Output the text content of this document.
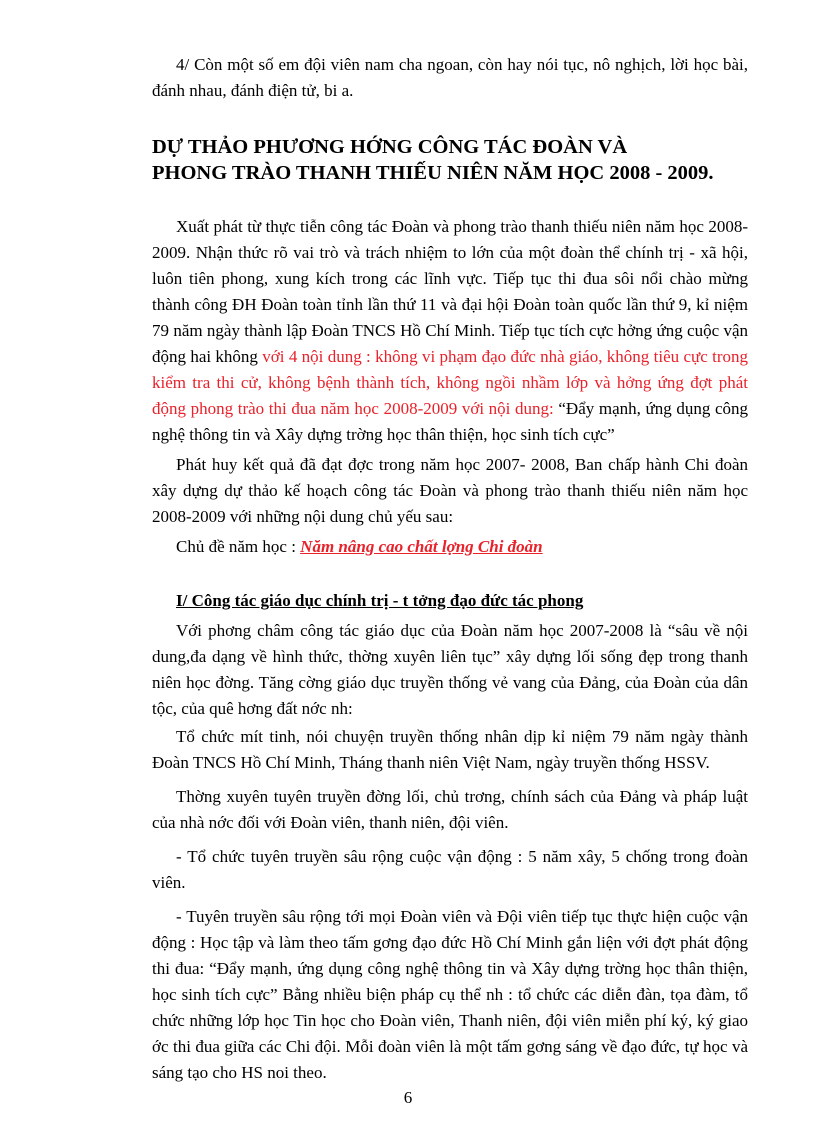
4/ Còn một số em đội viên nam cha ngoan, còn hay nói tục, nô nghịch, lời học bài, đánh nhau, đánh điện tử, bi a.

DỰ THẢO PHƯƠNG HỚNG CÔNG TÁC ĐOÀN VÀ
PHONG TRÀO THANH THIẾU NIÊN NĂM HỌC 2008 - 2009.

Xuất phát từ thực tiễn công tác Đoàn và phong trào thanh thiếu niên năm học 2008-2009. Nhận thức rõ vai trò và trách nhiệm to lớn của một đoàn thể chính trị - xã hội, luôn tiên phong, xung kích trong các lĩnh vực. Tiếp tục thi đua sôi nổi chào mừng thành công ĐH Đoàn toàn tỉnh lần thứ 11 và đại hội Đoàn toàn quốc lần thứ 9, kỉ niệm 79 năm ngày thành lập Đoàn TNCS Hồ Chí Minh. Tiếp tục tích cực hởng ứng cuộc vận động hai không với 4 nội dung : không vi phạm đạo đức nhà giáo, không tiêu cực trong kiểm tra thi cử, không bệnh thành tích, không ngồi nhầm lớp và hởng ứng đợt phát động phong trào thi đua năm học 2008-2009 với nội dung: “Đẩy mạnh, ứng dụng công nghệ thông tin và Xây dựng trờng học thân thiện, học sinh tích cực”

Phát huy kết quả đã đạt đợc trong năm học 2007- 2008, Ban chấp hành Chi đoàn xây dựng dự thảo kế hoạch công tác Đoàn và phong trào thanh thiếu niên năm học 2008-2009 với những nội dung chủ yếu sau:

Chủ đề năm học : Năm nâng cao chất lợng Chi đoàn

I/ Công tác giáo dục chính trị - t tởng đạo đức tác phong

Với phơng châm công tác giáo dục của Đoàn năm học 2007-2008 là “sâu về nội dung,đa dạng về hình thức, thờng xuyên liên tục” xây dựng lối sống đẹp trong thanh niên học đờng. Tăng cờng giáo dục truyền thống vẻ vang của Đảng, của Đoàn của dân tộc, của quê hơng đất nớc nh:

Tổ chức mít tinh, nói chuyện truyền thống nhân dịp kỉ niệm 79 năm ngày thành Đoàn TNCS Hồ Chí Minh, Tháng thanh niên Việt Nam, ngày truyền thống HSSV.

Thờng xuyên tuyên truyền đờng lối, chủ trơng, chính sách của Đảng và pháp luật của nhà nớc đối với Đoàn viên, thanh niên, đội viên.

- Tổ chức tuyên truyền sâu rộng cuộc vận động : 5 năm xây, 5 chống trong đoàn viên.

- Tuyên truyền sâu rộng tới mọi Đoàn viên và Đội viên tiếp tục thực hiện cuộc vận động : Học tập và làm theo tấm gơng đạo đức Hồ Chí Minh gắn liện với đợt phát động thi đua: “Đẩy mạnh, ứng dụng công nghệ thông tin và Xây dựng trờng học thân thiện, học sinh tích cực” Bằng nhiều biện pháp cụ thể nh : tổ chức các diễn đàn, tọa đàm, tổ chức những lớp học Tin học cho Đoàn viên, Thanh niên, đội viên miễn phí ký, ký giao ớc thi đua giữa các Chi đội. Mỗi đoàn viên là một tấm gơng sáng về đạo đức, tự học và sáng tạo cho HS noi theo.

6
